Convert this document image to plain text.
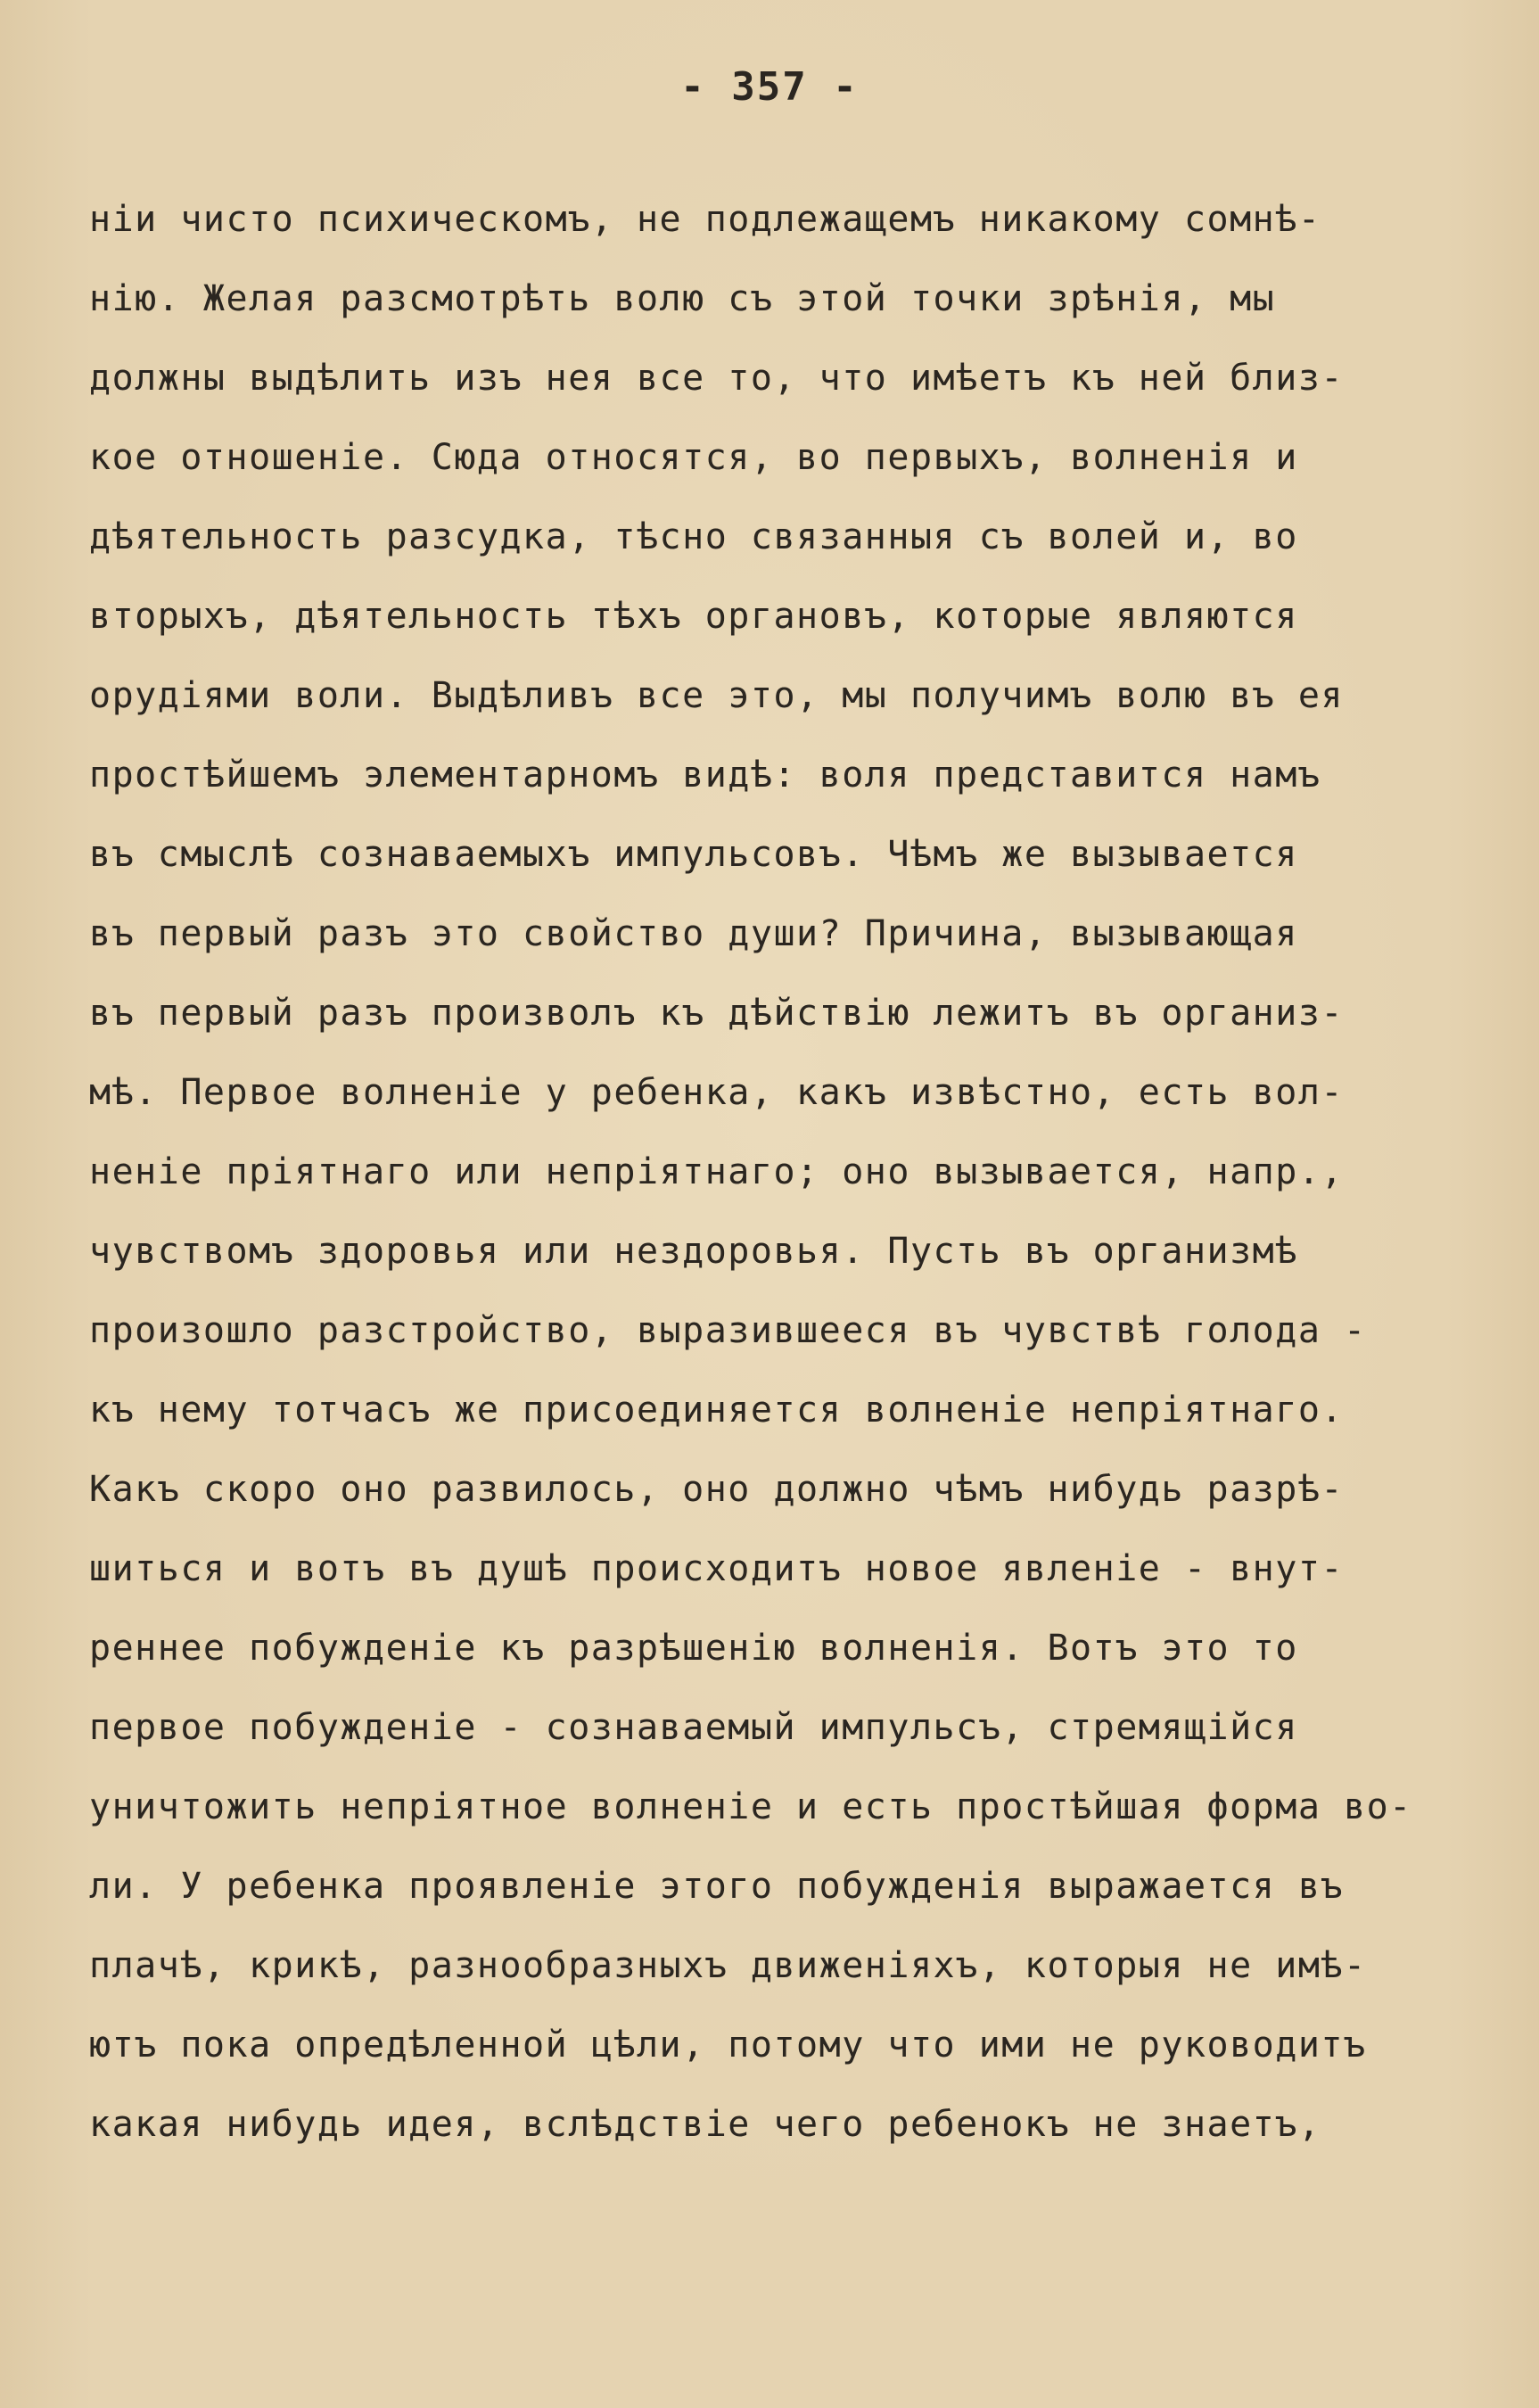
- 357 -
нiи чисто психическомъ, не подлежащемъ никакому сомнѣ-
нiю. Желая разсмотрѣть волю съ этой точки зрѣнiя, мы
должны выдѣлить изъ нея все то, что имѣетъ къ ней близ-
кое отношенiе. Сюда относятся, во первыхъ, волненiя и
дѣятельность разсудка, тѣсно связанныя съ волей и, во
вторыхъ, дѣятельность тѣхъ органовъ, которые являются
орудiями воли. Выдѣливъ все это, мы получимъ волю въ ея
простѣйшемъ элементарномъ видѣ: воля представится намъ
въ смыслѣ сознаваемыхъ импульсовъ. Чѣмъ же вызывается
въ первый разъ это свойство души? Причина, вызывающая
въ первый разъ произволъ къ дѣйствiю лежитъ въ организ-
мѣ. Первое волненiе у ребенка, какъ извѣстно, есть вол-
ненiе прiятнаго или непрiятнаго; оно вызывается, напр.,
чувствомъ здоровья или нездоровья. Пусть въ организмѣ
произошло разстройство, выразившееся въ чувствѣ голода -
къ нему тотчасъ же присоединяется волненiе непрiятнаго.
Какъ скоро оно развилось, оно должно чѣмъ нибудь разрѣ-
шиться и вотъ въ душѣ происходитъ новое явленiе - внут-
реннее побужденiе къ разрѣшенiю волненiя. Вотъ это то
первое побужденiе - сознаваемый импульсъ, стремящiйся
уничтожить непрiятное волненiе и есть простѣйшая форма во-
ли. У ребенка проявленiе этого побужденiя выражается въ
плачѣ, крикѣ, разнообразныхъ движенiяхъ, которыя не имѣ-
ютъ пока опредѣленной цѣли, потому что ими не руководитъ
какая нибудь идея, вслѣдствiе чего ребенокъ не знаетъ,
